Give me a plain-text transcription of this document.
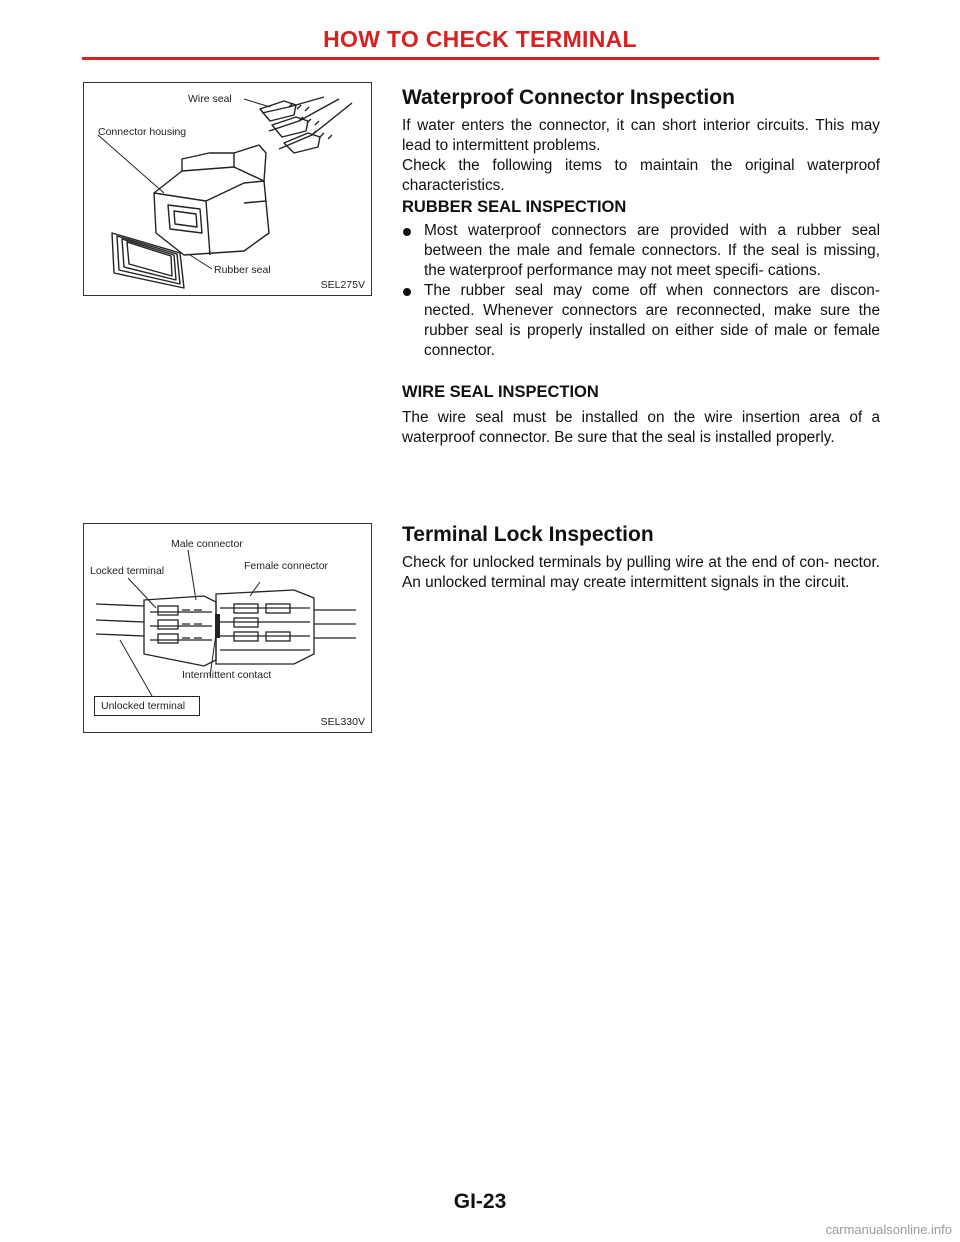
HOW TO CHECK TERMINAL
Wire seal
Connector housing
Rubber seal
SEL275V
Male connector
Female connector
Locked terminal
Intermittent contact
Unlocked terminal
SEL330V
Waterproof Connector Inspection
If water enters the connector, it can short interior circuits. This may lead to intermittent problems.
Check the following items to maintain the original waterproof characteristics.
RUBBER SEAL INSPECTION
Most waterproof connectors are provided with a rubber seal between the male and female connectors. If the seal is missing, the waterproof performance may not meet specifi- cations.
The rubber seal may come off when connectors are discon- nected. Whenever connectors are reconnected, make sure the rubber seal is properly installed on either side of male or female connector.
WIRE SEAL INSPECTION
The wire seal must be installed on the wire insertion area of a waterproof connector. Be sure that the seal is installed properly.
Terminal Lock Inspection
Check for unlocked terminals by pulling wire at the end of con- nector. An unlocked terminal may create intermittent signals in the circuit.
GI-23
carmanualsonline.info
